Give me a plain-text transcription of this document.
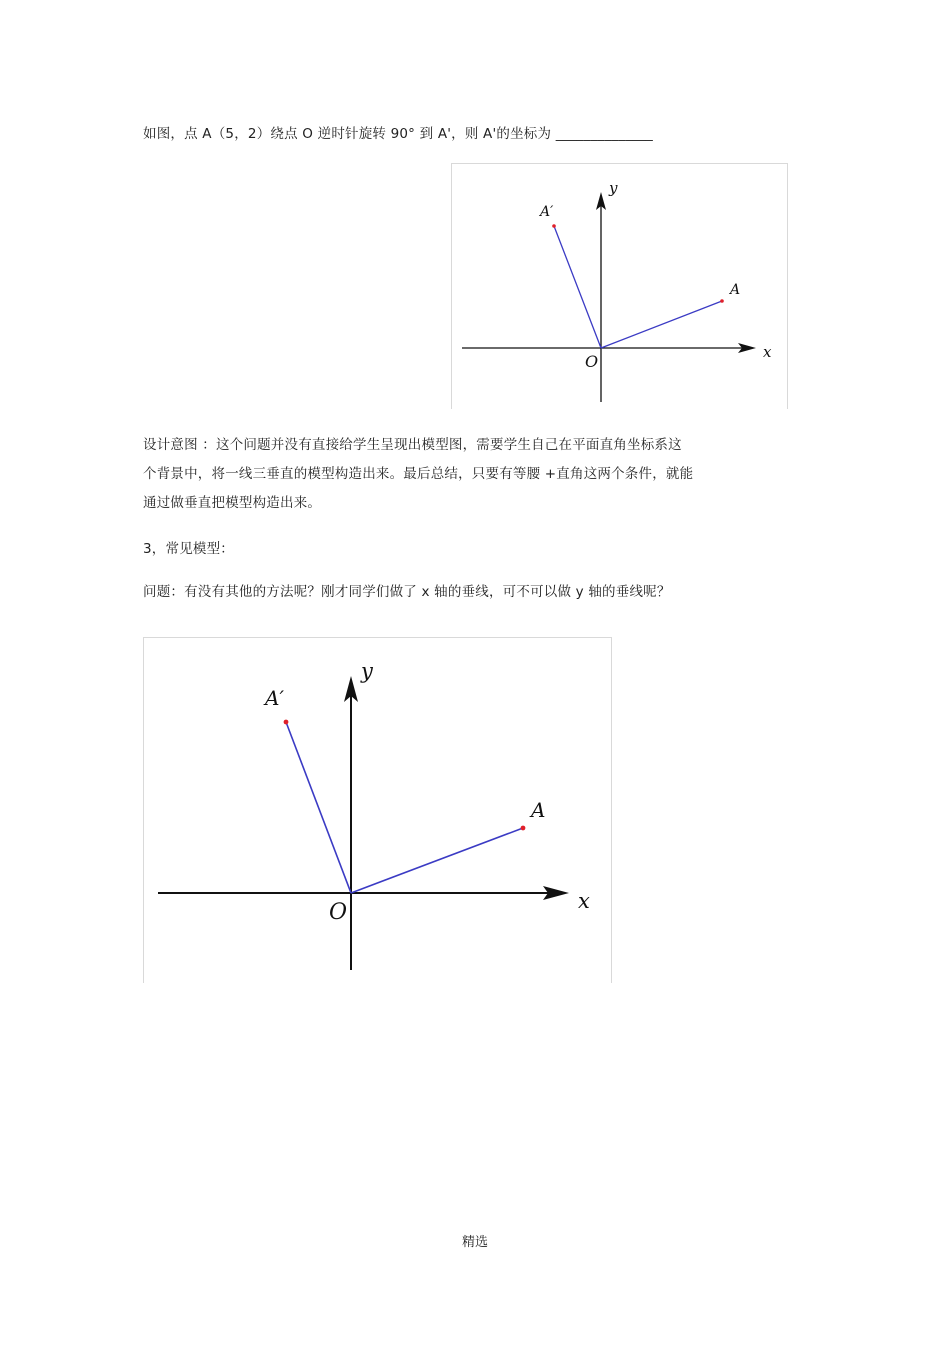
如图，点 A（5，2）绕点 O 逆时针旋转 90° 到 A'，则 A'的坐标为 ______________
A′
A
O	x
y
设计意图 ：这个问题并没有直接给学生呈现出模型图，需要学生自己在平面直角坐标系这
个背景中，将一线三垂直的模型构造出来。最后总结，只要有等腰 +直角这两个条件，就能
通过做垂直把模型构造出来。
3，常见模型：
问题：有没有其他的方法呢？刚才同学们做了 x 轴的垂线，可不可以做 y 轴的垂线呢？
A′
A
O	x
y
精选
